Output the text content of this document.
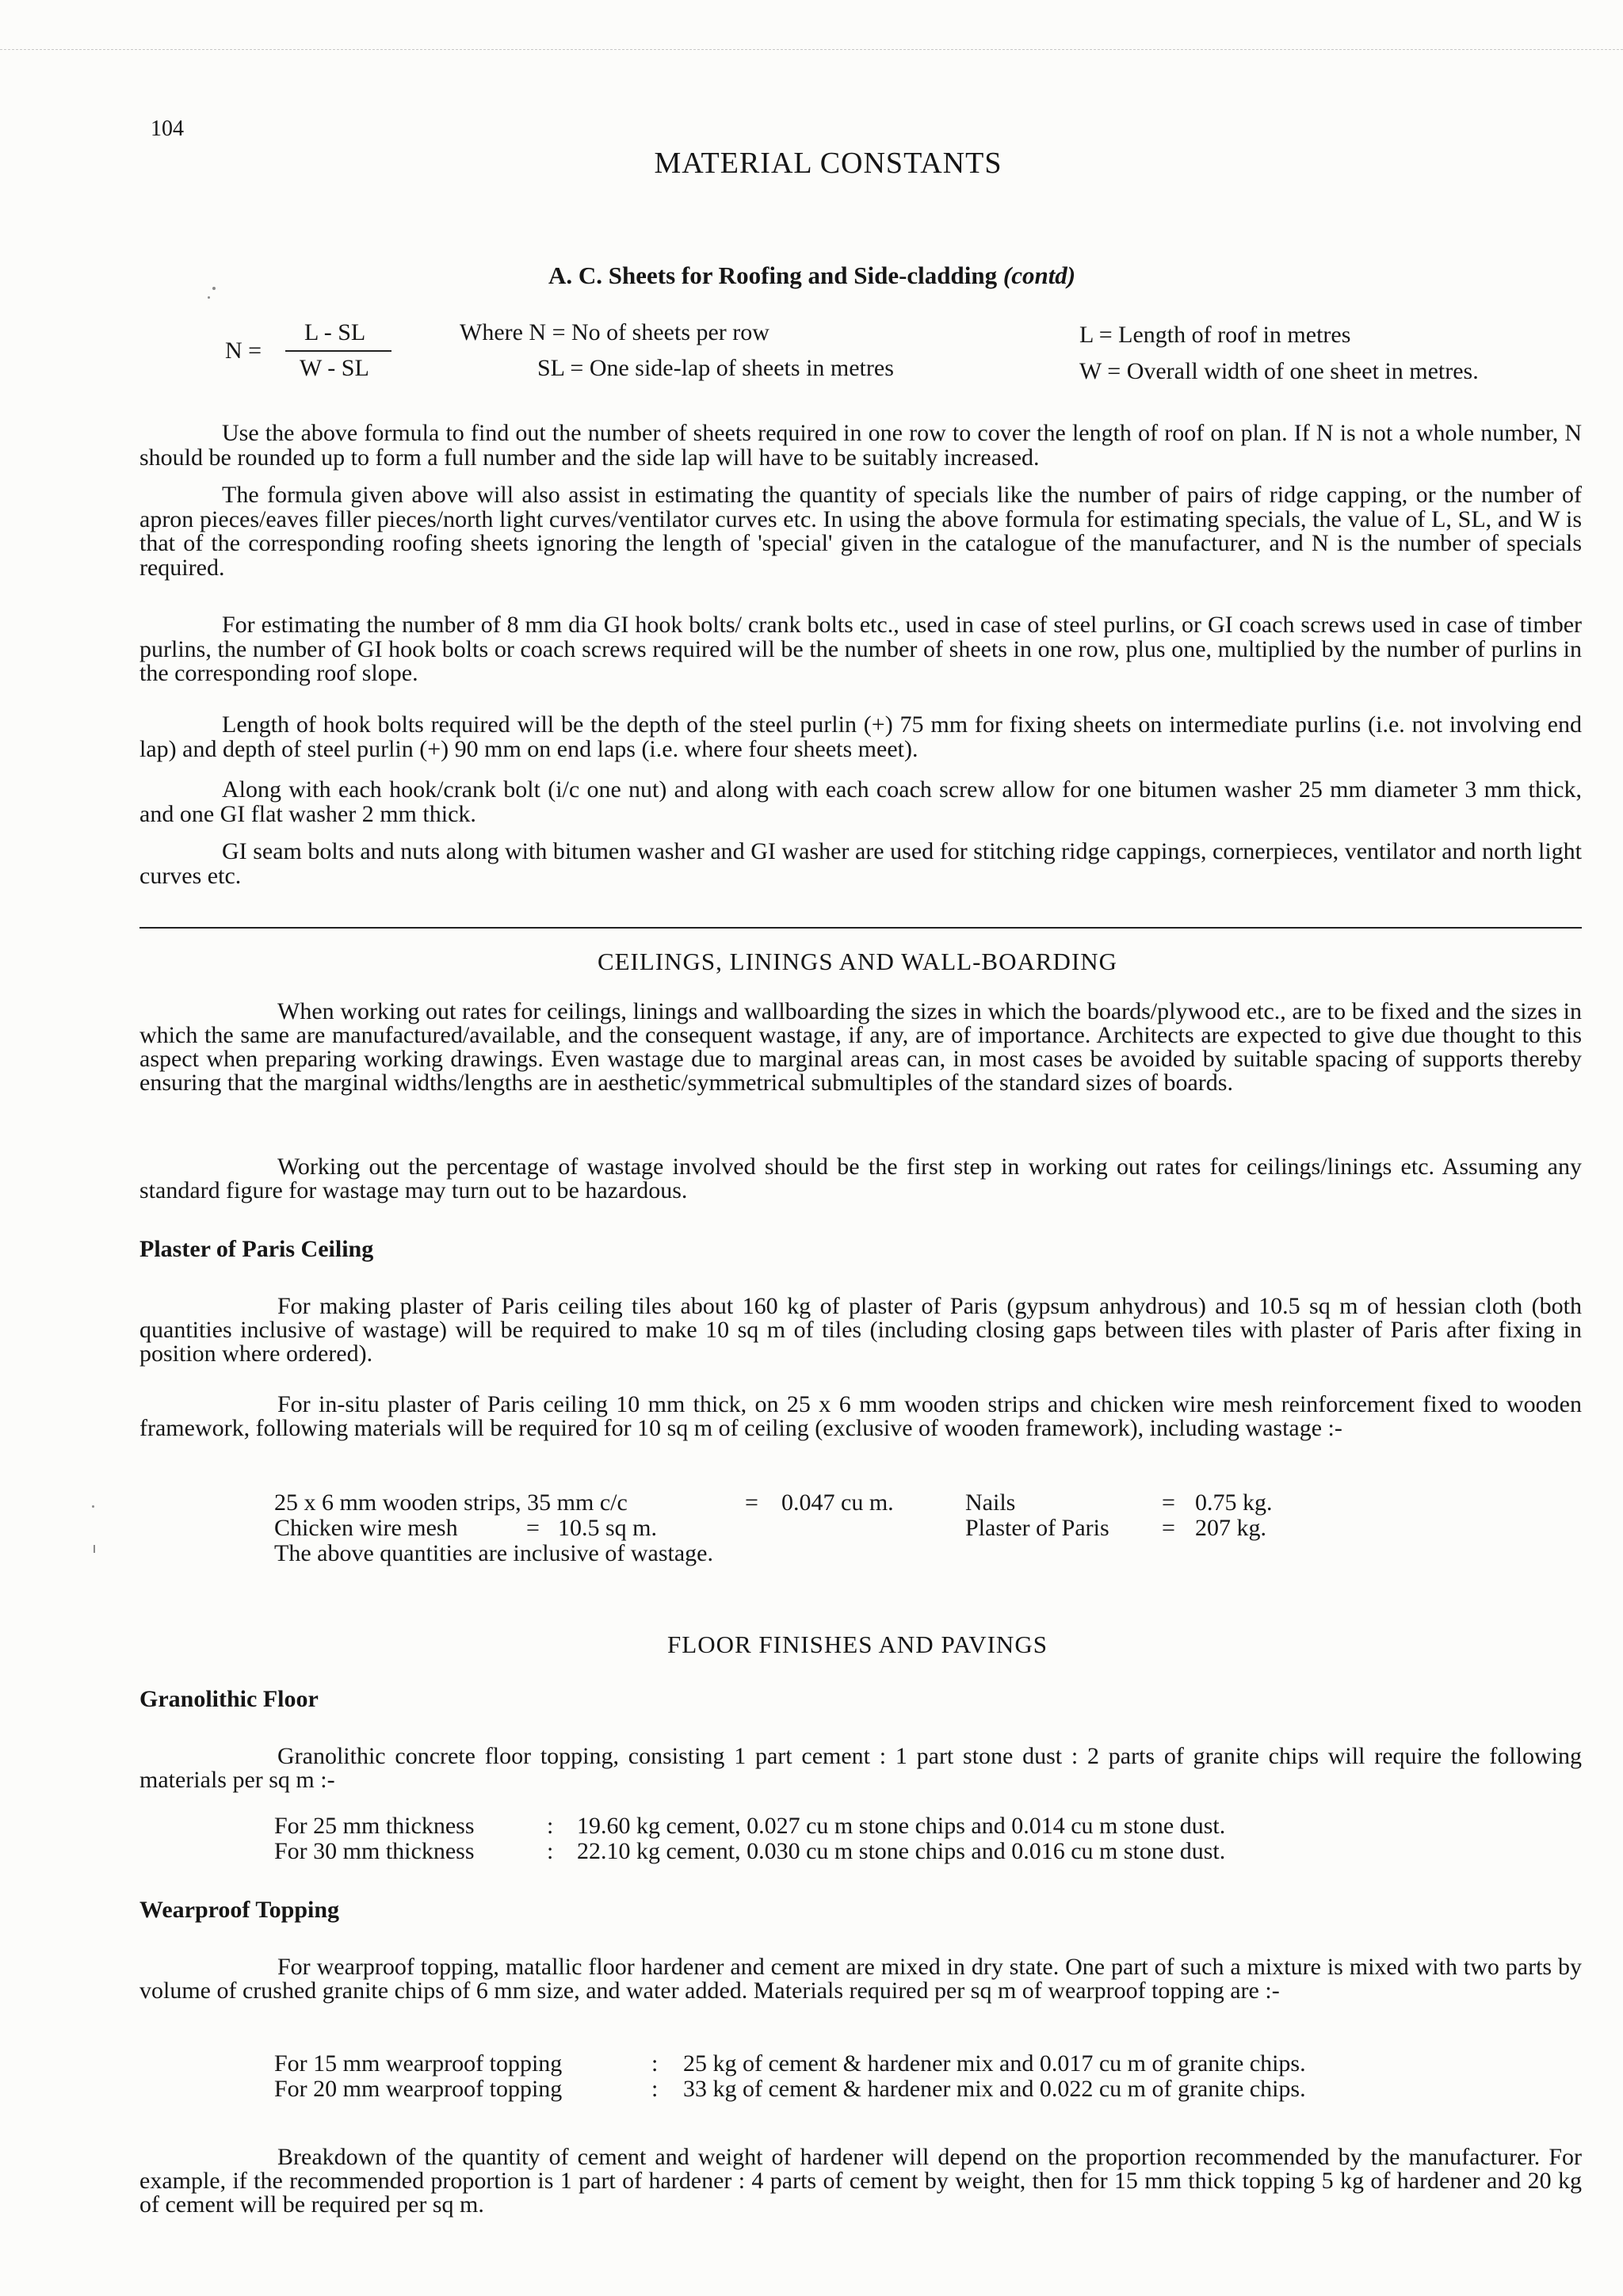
104
MATERIAL CONSTANTS
A. C. Sheets for Roofing and Side-cladding (contd)
N =
L - SL
W - SL
Where N = No of sheets per row
SL = One side-lap of sheets in metres
L = Length of roof in metres
W = Overall width of one sheet in metres.

Use the above formula to find out the number of sheets required in one row to cover the length of roof on plan. If N is not a whole number, N should be rounded up to form a full number and the side lap will have to be suitably increased.

The formula given above will also assist in estimating the quantity of specials like the number of pairs of ridge capping, or the number of apron pieces/eaves filler pieces/north light curves/ventilator curves etc. In using the above formula for estimating specials, the value of L, SL, and W is that of the corresponding roofing sheets ignoring the length of 'special' given in the catalogue of the manufacturer, and N is the number of specials required.

For estimating the number of 8 mm dia GI hook bolts/ crank bolts etc., used in case of steel purlins, or GI coach screws used in case of timber purlins, the number of GI hook bolts or coach screws required will be the number of sheets in one row, plus one, multiplied by the number of purlins in the corresponding roof slope.

Length of hook bolts required will be the depth of the steel purlin (+) 75 mm for fixing sheets on intermediate purlins (i.e. not involving end lap) and depth of steel purlin (+) 90 mm on end laps (i.e. where four sheets meet).

Along with each hook/crank bolt (i/c one nut) and along with each coach screw allow for one bitumen washer 25 mm diameter 3 mm thick, and one GI flat washer 2 mm thick.

GI seam bolts and nuts along with bitumen washer and GI washer are used for stitching ridge cappings, cornerpieces, ventilator and north light curves etc.

CEILINGS, LININGS AND WALL-BOARDING

When working out rates for ceilings, linings and wallboarding the sizes in which the boards/plywood etc., are to be fixed and the sizes in which the same are manufactured/available, and the consequent wastage, if any, are of importance. Architects are expected to give due thought to this aspect when preparing working drawings. Even wastage due to marginal areas can, in most cases be avoided by suitable spacing of supports thereby ensuring that the marginal widths/lengths are in aesthetic/symmetrical submultiples of the standard sizes of boards.

Working out the percentage of wastage involved should be the first step in working out rates for ceilings/linings etc. Assuming any standard figure for wastage may turn out to be hazardous.

Plaster of Paris Ceiling

For making plaster of Paris ceiling tiles about 160 kg of plaster of Paris (gypsum anhydrous) and 10.5 sq m of hessian cloth (both quantities inclusive of wastage) will be required to make 10 sq m of tiles (including closing gaps between tiles with plaster of Paris after fixing in position where ordered).

For in-situ plaster of Paris ceiling 10 mm thick, on 25 x 6 mm wooden strips and chicken wire mesh reinforcement fixed to wooden framework, following materials will be required for 10 sq m of ceiling (exclusive of wooden framework), including wastage :-

25 x 6 mm wooden strips, 35 mm c/c	= 0.047 cu m.
Chicken wire mesh	= 10.5 sq m.
Nails	= 0.75 kg.
Plaster of Paris = 207 kg.
The above quantities are inclusive of wastage.
FLOOR FINISHES AND PAVINGS
Granolithic Floor

Granolithic concrete floor topping, consisting 1 part cement : 1 part stone dust : 2 parts of granite chips will require the following materials per sq m :-

For 25 mm thickness	: 19.60 kg cement, 0.027 cu m stone chips and 0.014 cu m stone dust.
For 30 mm thickness	: 22.10 kg cement, 0.030 cu m stone chips and 0.016 cu m stone dust.
Wearproof Topping

For wearproof topping, matallic floor hardener and cement are mixed in dry state. One part of such a mixture is mixed with two parts by volume of crushed granite chips of 6 mm size, and water added. Materials required per sq m of wearproof topping are :-

For 15 mm wearproof topping	: 25 kg of cement & hardener mix and 0.017 cu m of granite chips.
For 20 mm wearproof topping	: 33 kg of cement & hardener mix and 0.022 cu m of granite chips.

Breakdown of the quantity of cement and weight of hardener will depend on the proportion recommended by the manufacturer. For example, if the recommended proportion is 1 part of hardener : 4 parts of cement by weight, then for 15 mm thick topping 5 kg of hardener and 20 kg of cement will be required per sq m.
